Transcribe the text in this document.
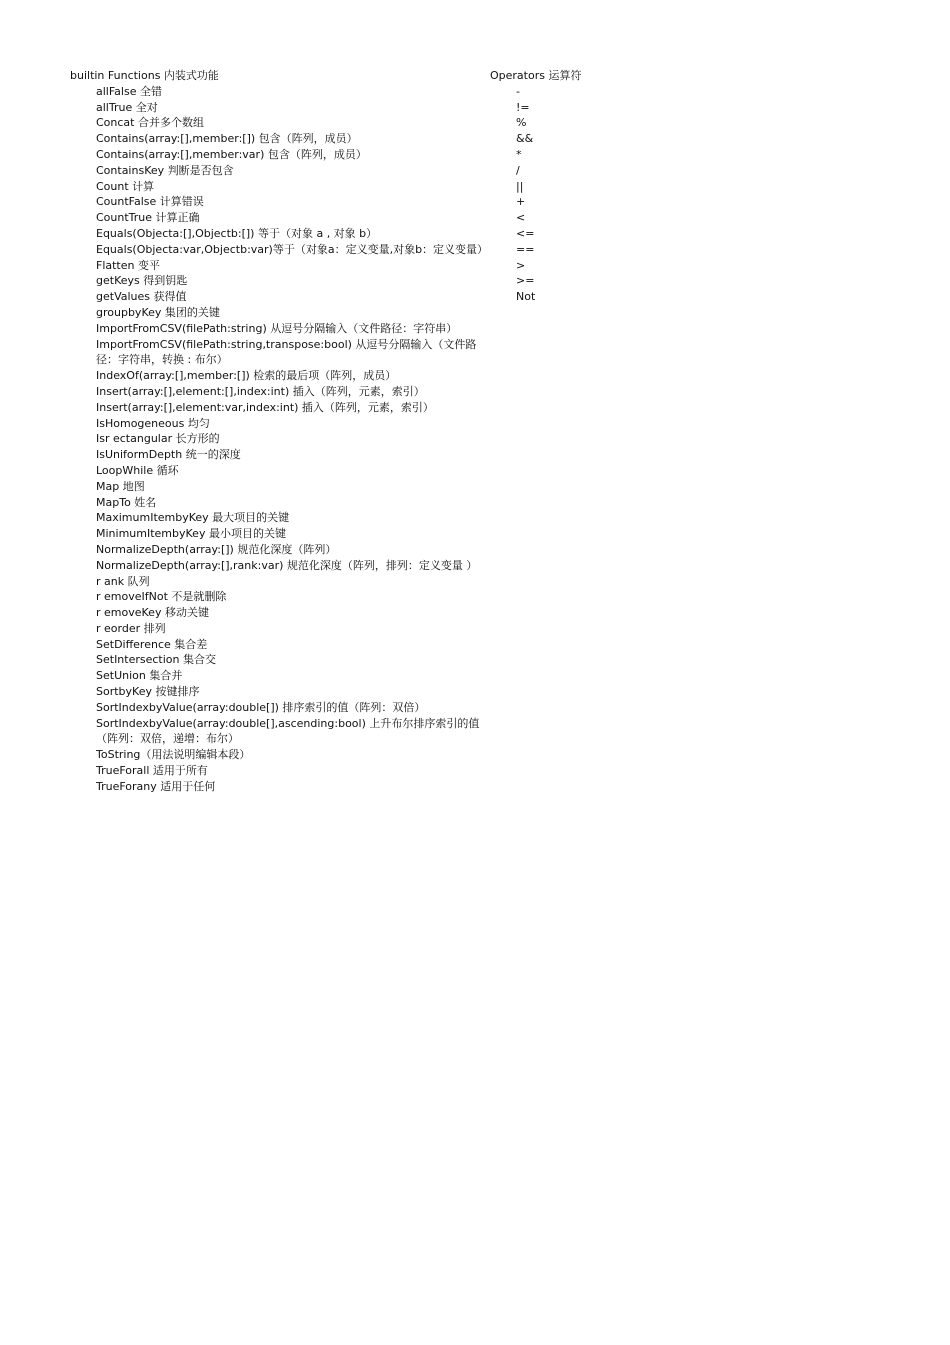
builtin Functions 内装式功能
allFalse 全错
allTrue 全对
Concat 合并多个数组
Contains(array:[],member:[]) 包含（阵列，成员）
Contains(array:[],member:var) 包含（阵列，成员）
ContainsKey 判断是否包含
Count 计算
CountFalse 计算错误
CountTrue 计算正确
Equals(Objecta:[],Objectb:[]) 等于（对象 a , 对象 b）
Equals(Objecta:var,Objectb:var)等于（对象a：定义变量,对象b：定义变量）
Flatten 变平
getKeys 得到钥匙
getValues 获得值
groupbyKey 集团的关键
ImportFromCSV(filePath:string) 从逗号分隔输入（文件路径：字符串）
ImportFromCSV(filePath:string,transpose:bool) 从逗号分隔输入（文件路径：字符串，转换 : 布尔）
IndexOf(array:[],member:[]) 检索的最后项（阵列，成员）
Insert(array:[],element:[],index:int) 插入（阵列，元素，索引）
Insert(array:[],element:var,index:int) 插入（阵列，元素，索引）
IsHomogeneous 均匀
Isr ectangular 长方形的
IsUniformDepth 统一的深度
LoopWhile 循环
Map 地图
MapTo 姓名
MaximumItembyKey 最大项目的关键
MinimumItembyKey 最小项目的关键
NormalizeDepth(array:[]) 规范化深度（阵列）
NormalizeDepth(array:[],rank:var) 规范化深度（阵列，排列：定义变量 ）
r ank 队列
r emoveIfNot 不是就删除
r emoveKey 移动关键
r eorder 排列
SetDifference 集合差
SetIntersection 集合交
SetUnion 集合并
SortbyKey 按键排序
SortIndexbyValue(array:double[]) 排序索引的值（阵列：双倍）
SortIndexbyValue(array:double[],ascending:bool) 上升布尔排序索引的值（阵列：双倍，递增：布尔）
ToString（用法说明编辑本段）
TrueForall 适用于所有
TrueForany 适用于任何
Operators 运算符
-
!=
%
&&
*
/
||
+
<
<=
==
>
>=
Not
